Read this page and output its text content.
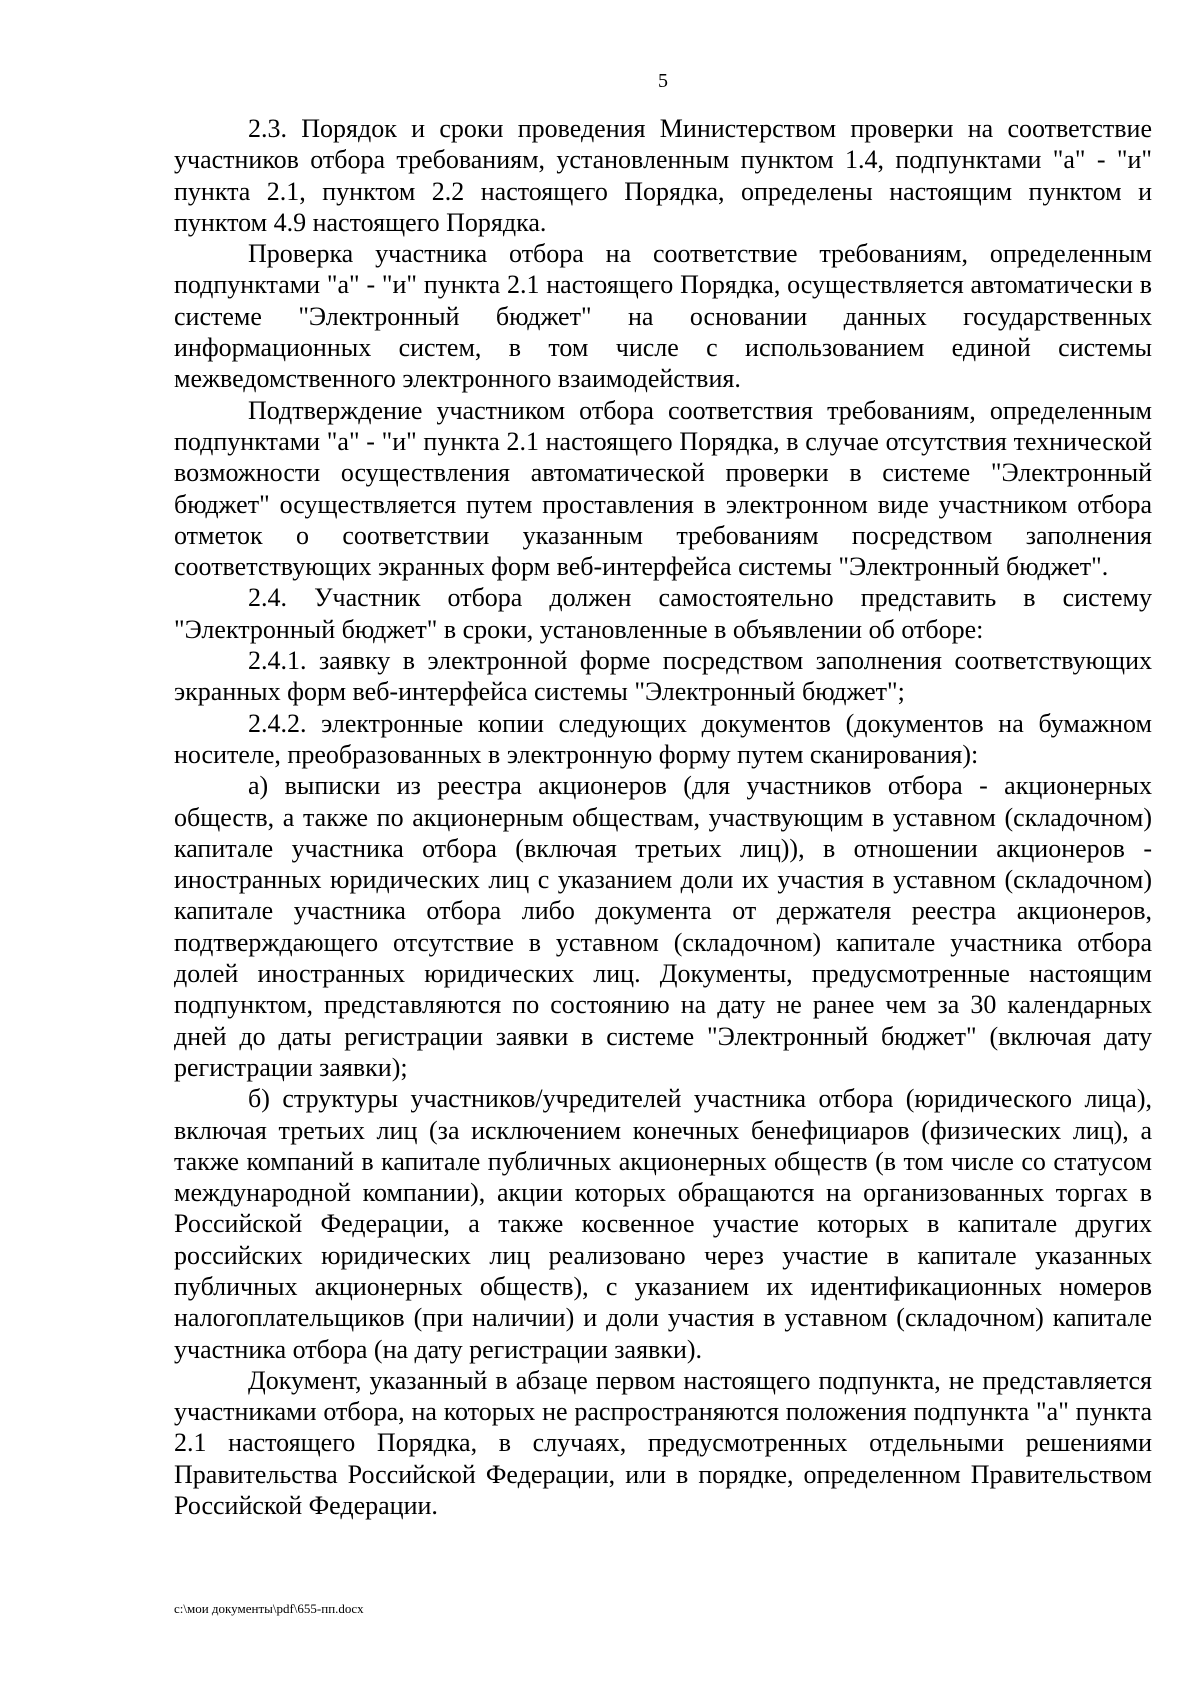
5

2.3. Порядок и сроки проведения Министерством проверки на соответствие участников отбора требованиям, установленным пунктом 1.4, подпунктами "а" - "и" пункта 2.1, пунктом 2.2 настоящего Порядка, определены настоящим пунктом и пунктом 4.9 настоящего Порядка.

Проверка участника отбора на соответствие требованиям, определенным подпунктами "а" - "и" пункта 2.1 настоящего Порядка, осуществляется автоматически в системе "Электронный бюджет" на основании данных государственных информационных систем, в том числе с использованием единой системы межведомственного электронного взаимодействия.

Подтверждение участником отбора соответствия требованиям, определенным подпунктами "а" - "и" пункта 2.1 настоящего Порядка, в случае отсутствия технической возможности осуществления автоматической проверки в системе "Электронный бюджет" осуществляется путем проставления в электронном виде участником отбора отметок о соответствии указанным требованиям посредством заполнения соответствующих экранных форм веб-интерфейса системы "Электронный бюджет".

2.4. Участник отбора должен самостоятельно представить в систему "Электронный бюджет" в сроки, установленные в объявлении об отборе:

2.4.1. заявку в электронной форме посредством заполнения соответствующих экранных форм веб-интерфейса системы "Электронный бюджет";

2.4.2. электронные копии следующих документов (документов на бумажном носителе, преобразованных в электронную форму путем сканирования):

а) выписки из реестра акционеров (для участников отбора - акционерных обществ, а также по акционерным обществам, участвующим в уставном (складочном) капитале участника отбора (включая третьих лиц)), в отношении акционеров - иностранных юридических лиц с указанием доли их участия в уставном (складочном) капитале участника отбора либо документа от держателя реестра акционеров, подтверждающего отсутствие в уставном (складочном) капитале участника отбора долей иностранных юридических лиц. Документы, предусмотренные настоящим подпунктом, представляются по состоянию на дату не ранее чем за 30 календарных дней до даты регистрации заявки в системе "Электронный бюджет" (включая дату регистрации заявки);

б) структуры участников/учредителей участника отбора (юридического лица), включая третьих лиц (за исключением конечных бенефициаров (физических лиц), а также компаний в капитале публичных акционерных обществ (в том числе со статусом международной компании), акции которых обращаются на организованных торгах в Российской Федерации, а также косвенное участие которых в капитале других российских юридических лиц реализовано через участие в капитале указанных публичных акционерных обществ), с указанием их идентификационных номеров налогоплательщиков (при наличии) и доли участия в уставном (складочном) капитале участника отбора (на дату регистрации заявки).

Документ, указанный в абзаце первом настоящего подпункта, не представляется участниками отбора, на которых не распространяются положения подпункта "а" пункта 2.1 настоящего Порядка, в случаях, предусмотренных отдельными решениями Правительства Российской Федерации, или в порядке, определенном Правительством Российской Федерации.

c:\мои документы\pdf\655-пп.docx
